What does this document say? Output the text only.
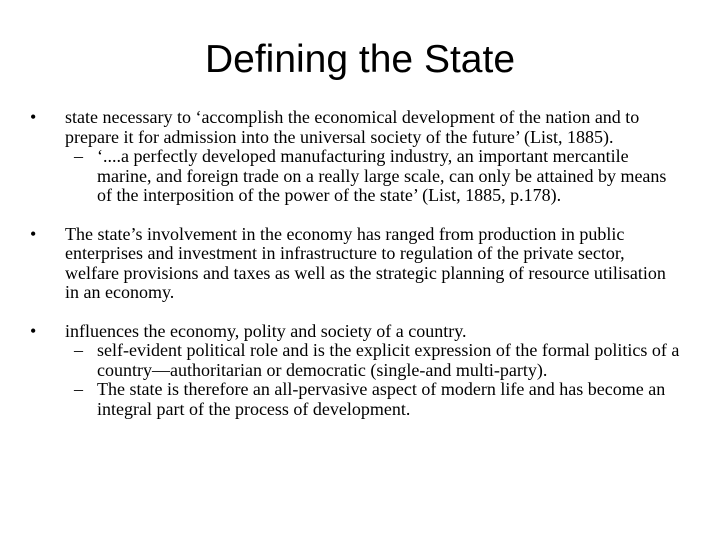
Defining the State
• state necessary to ‘accomplish the economical development of the nation and to prepare it for admission into the universal society of the future’ (List, 1885).
– ‘....a perfectly developed manufacturing industry, an important mercantile marine, and foreign trade on a really large scale, can only be attained by means of the interposition of the power of the state’ (List, 1885, p.178).
• The state’s involvement in the economy has ranged from production in public enterprises and investment in infrastructure to regulation of the private sector, welfare provisions and taxes as well as the strategic planning of resource utilisation in an economy.
• influences the economy, polity and society of a country.
– self-evident political role and is the explicit expression of the formal politics of a country—authoritarian or democratic (single-and multi-party).
– The state is therefore an all-pervasive aspect of modern life and has become an integral part of the process of development.
